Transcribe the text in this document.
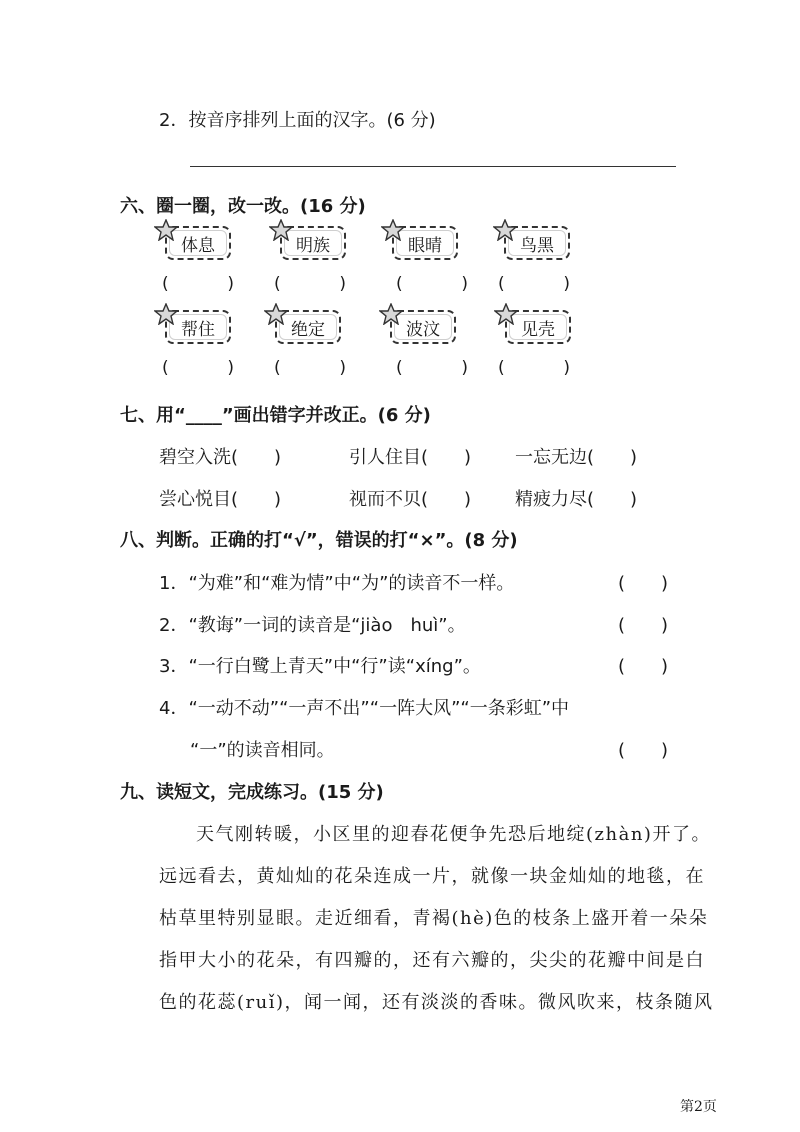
2．按音序排列上面的汉字。(6 分)
六、圈一圈，改一改。(16 分)
体息	明族	眼晴	鸟黑
(	) (	)	(	) (	)
帮住	绝定	波汶	见壳
(	) (	)	(	) (	)
七、用“____”画出错字并改正。(6 分)
碧空入洗(　　)	引人住目(　　) 一忘无边(　　)
尝心悦目(　　)	视而不贝(　　) 精疲力尽(　　)
八、判断。正确的打“√”，错误的打“×”。(8 分)
1．“为难”和“难为情”中“为”的读音不一样。	(　　)
2．“教诲”一词的读音是“jiào　huì”。	(　　)
3．“一行白鹭上青天”中“行”读“xíng”。	(　　)
4．“一动不动”“一声不出”“一阵大风”“一条彩虹”中
“一”的读音相同。	(　　)
九、读短文，完成练习。(15 分)
天气刚转暖，小区里的迎春花便争先恐后地绽(zhàn)开了。
远远看去，黄灿灿的花朵连成一片，就像一块金灿灿的地毯，在
枯草里特别显眼。走近细看，青褐(hè)色的枝条上盛开着一朵朵
指甲大小的花朵，有四瓣的，还有六瓣的，尖尖的花瓣中间是白
色的花蕊(ruǐ)，闻一闻，还有淡淡的香味。微风吹来，枝条随风
第2页
